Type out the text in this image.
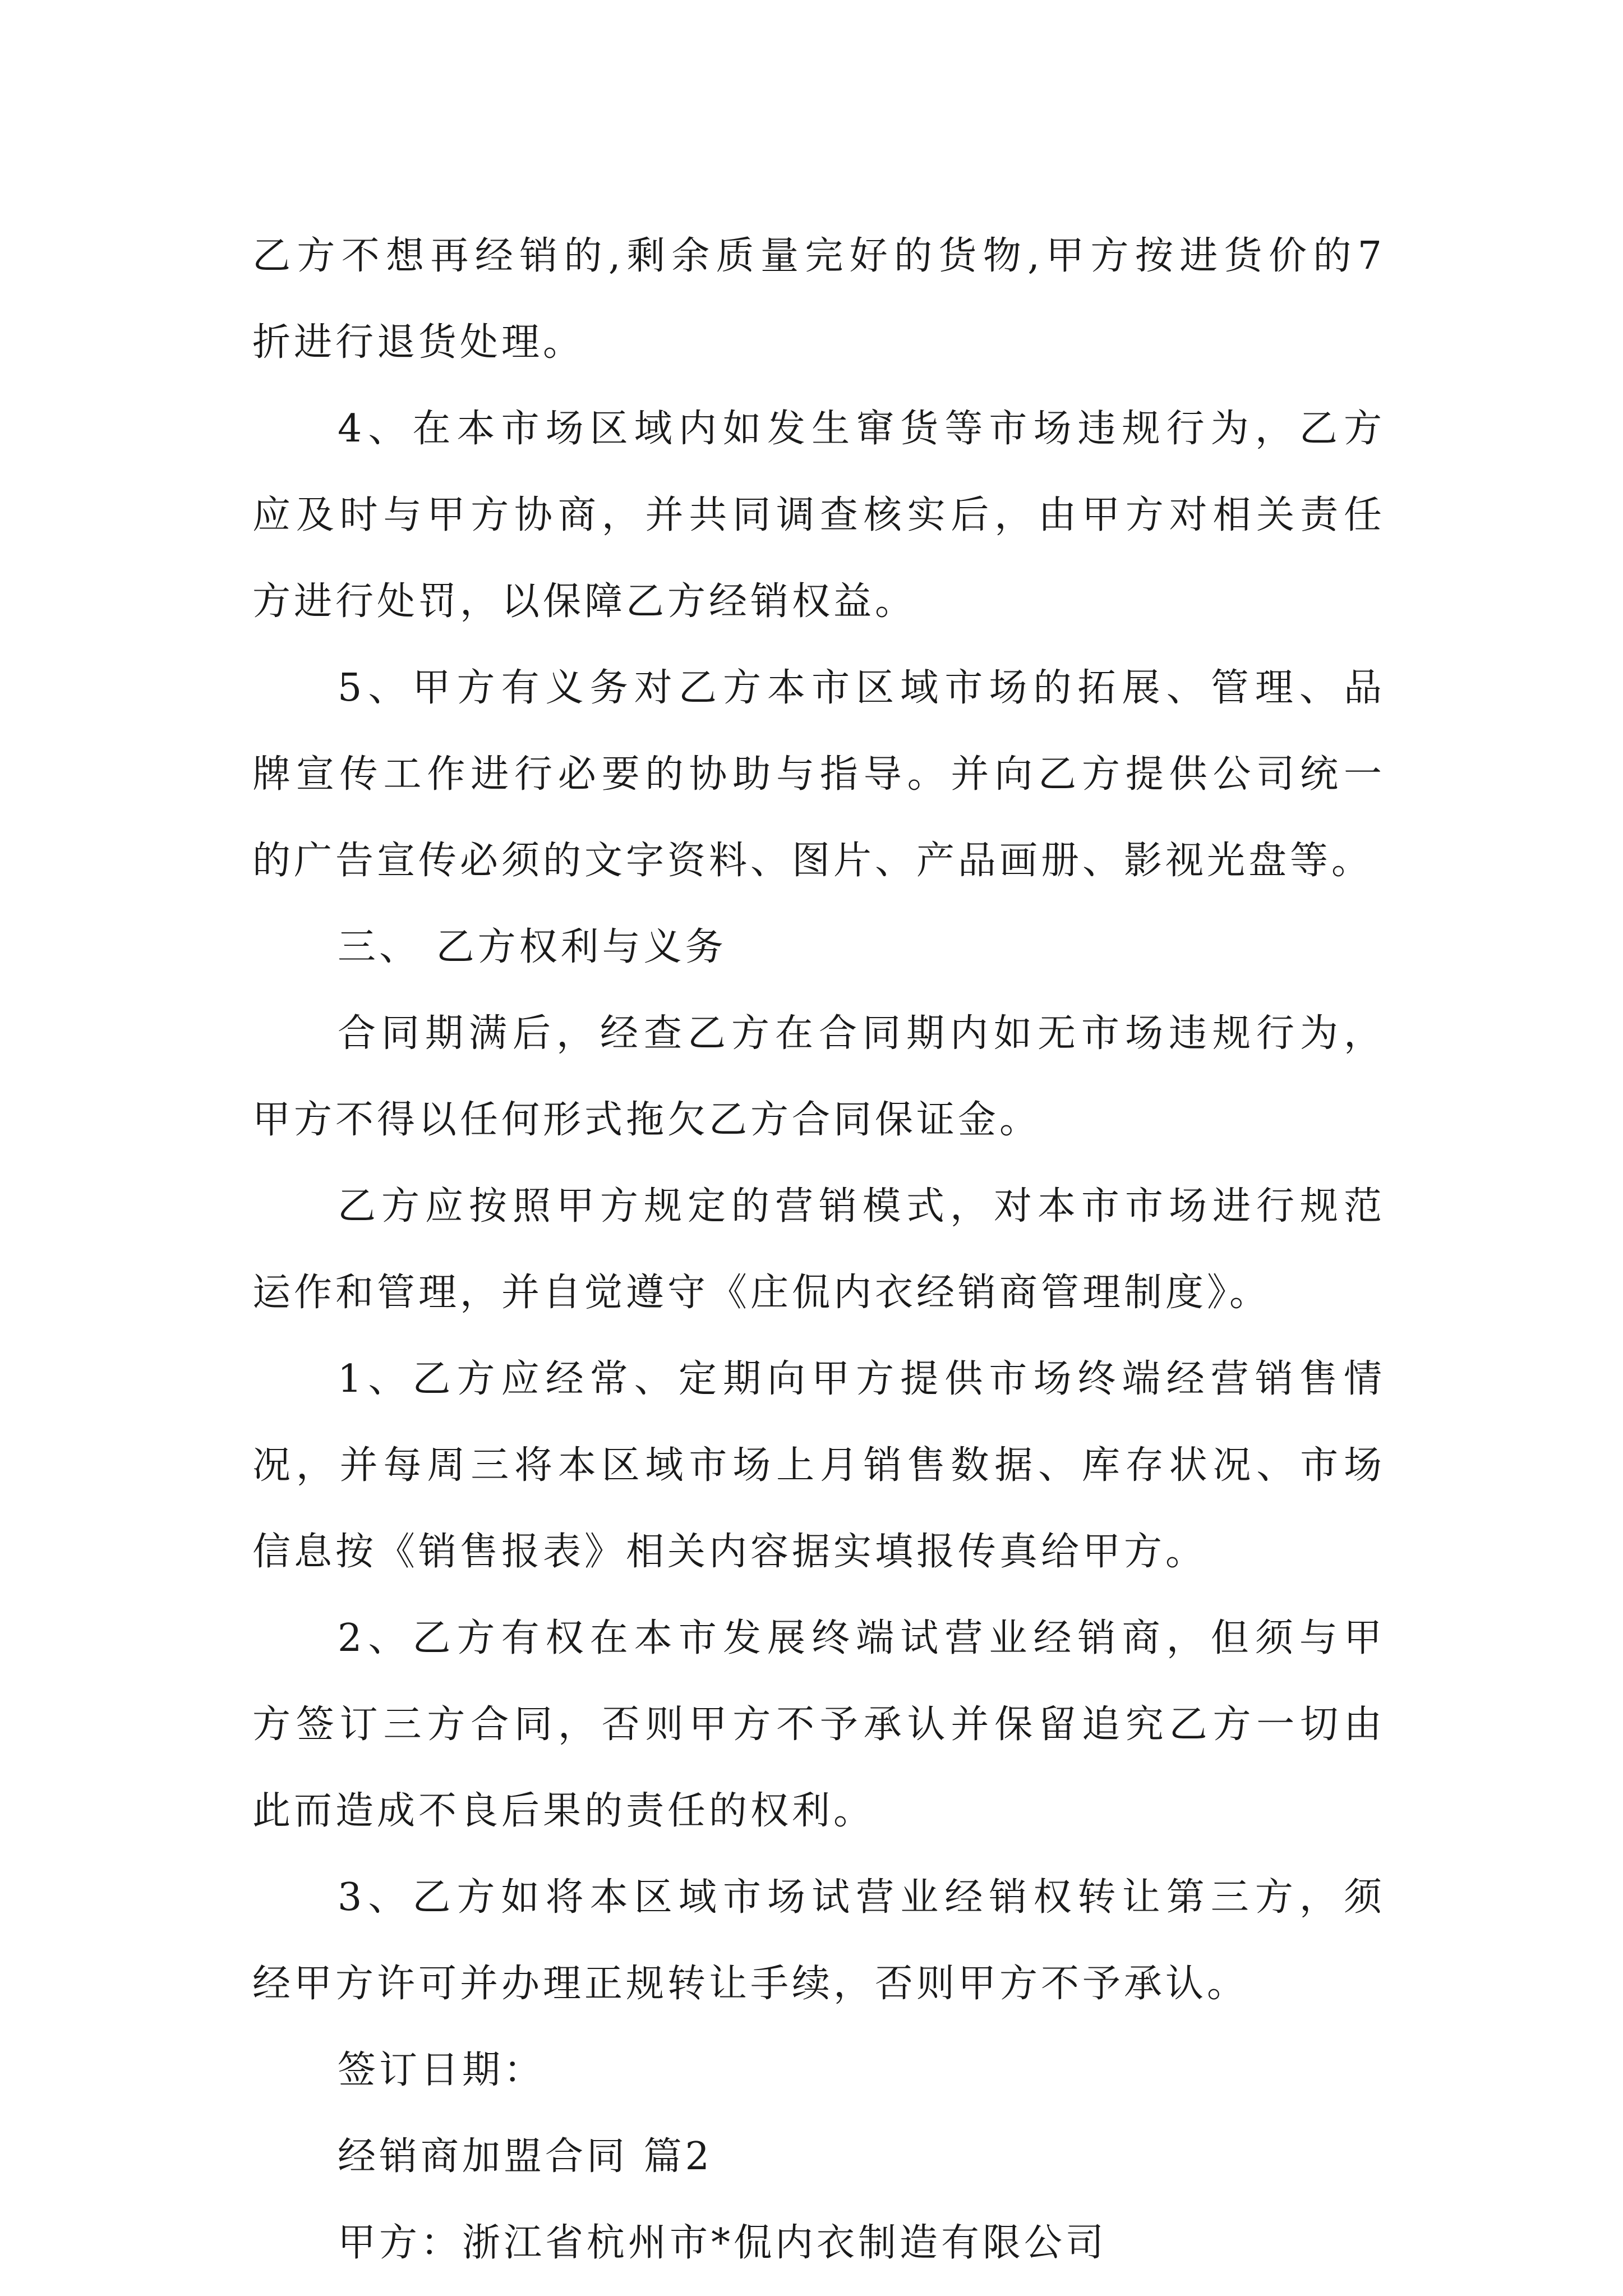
乙方不想再经销的,剩余质量完好的货物,甲方按进货价的7
折进行退货处理。
4、在本市场区域内如发生窜货等市场违规行为，乙方
应及时与甲方协商，并共同调查核实后，由甲方对相关责任
方进行处罚，以保障乙方经销权益。
5、甲方有义务对乙方本市区域市场的拓展、管理、品
牌宣传工作进行必要的协助与指导。并向乙方提供公司统一
的广告宣传必须的文字资料、图片、产品画册、影视光盘等。
三、 乙方权利与义务
合同期满后，经查乙方在合同期内如无市场违规行为，
甲方不得以任何形式拖欠乙方合同保证金。
乙方应按照甲方规定的营销模式，对本市市场进行规范
运作和管理，并自觉遵守《庄侃内衣经销商管理制度》。
1、乙方应经常、定期向甲方提供市场终端经营销售情
况，并每周三将本区域市场上月销售数据、库存状况、市场
信息按《销售报表》相关内容据实填报传真给甲方。
2、乙方有权在本市发展终端试营业经销商，但须与甲
方签订三方合同，否则甲方不予承认并保留追究乙方一切由
此而造成不良后果的责任的权利。
3、乙方如将本区域市场试营业经销权转让第三方，须
经甲方许可并办理正规转让手续，否则甲方不予承认。
签订日期：
经销商加盟合同 篇2
甲方：浙江省杭州市*侃内衣制造有限公司
